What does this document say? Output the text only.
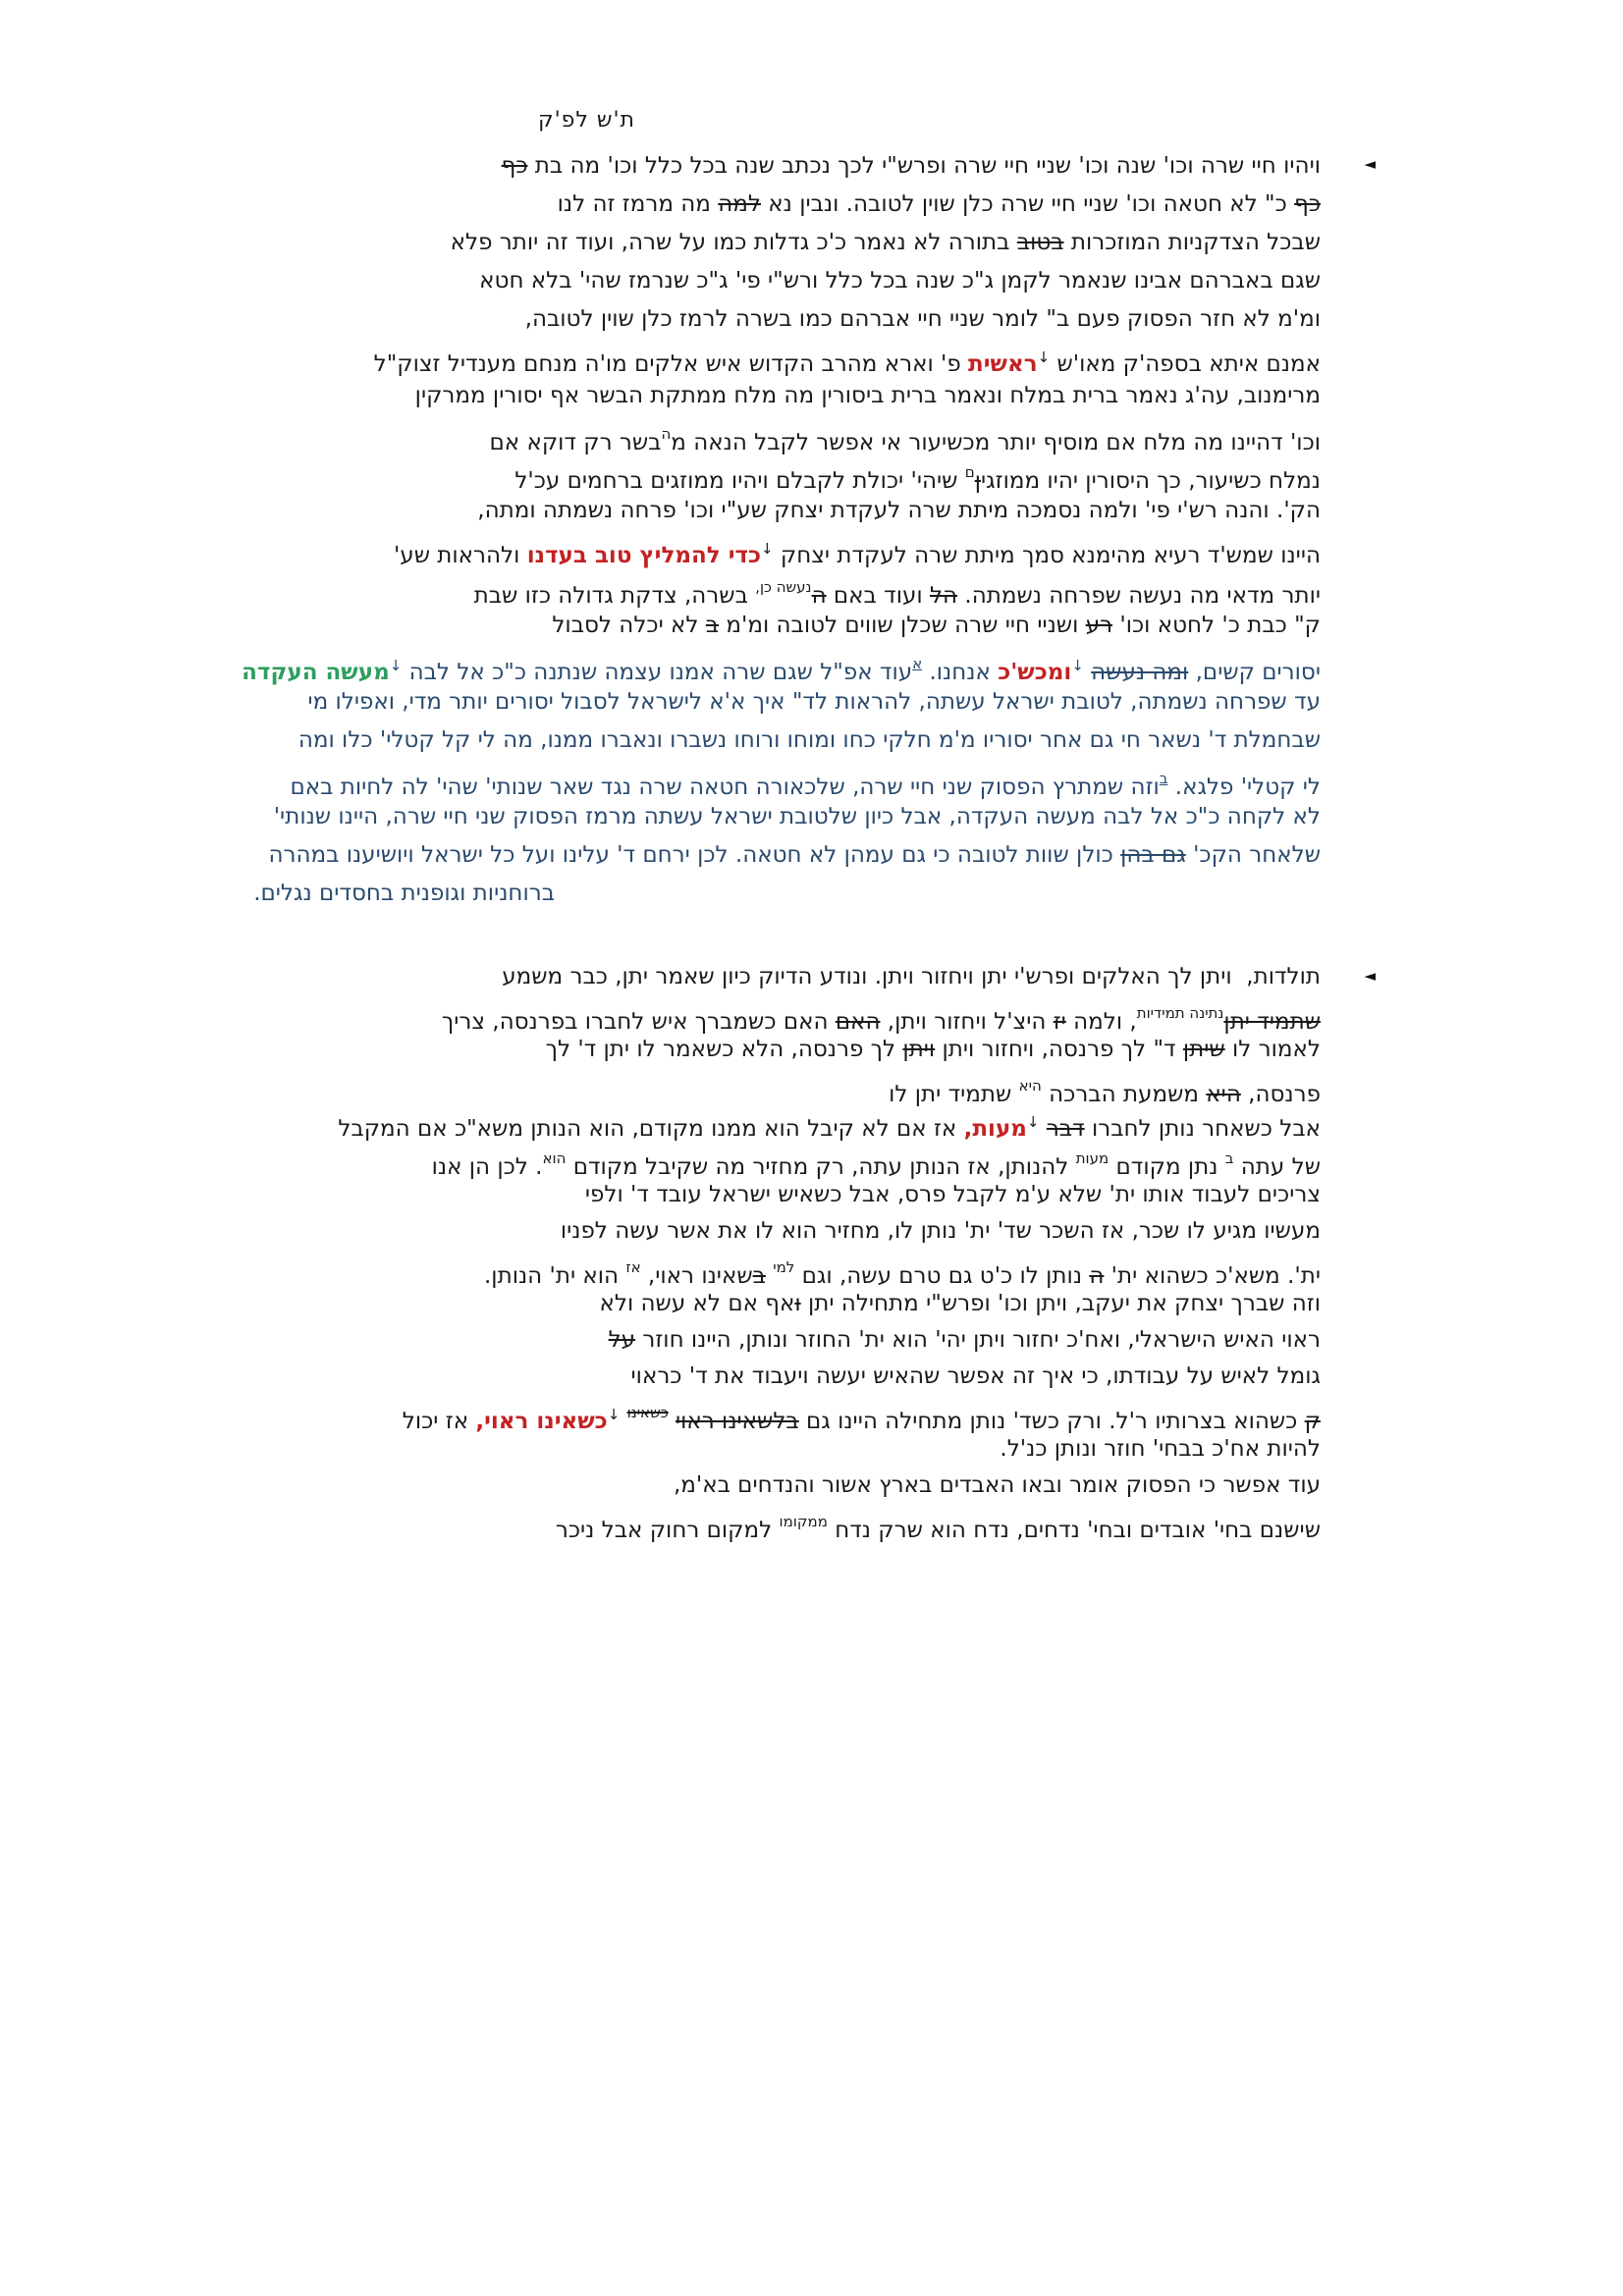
ת'ש לפ'ק
◄
ויהיו חיי שרה וכו' שנה וכו' שניי חיי שרה ופרש"י לכך נכתב שנה בכל כלל וכו' מה בת כף
כף כ" לא חטאה וכו' שניי חיי שרה כלן שוין לטובה. ונבין נא למה מה מרמז זה לנו
שבכל הצדקניות המוזכרות בטוב בתורה לא נאמר כ'כ גדלות כמו על שרה, ועוד זה יותר פלא
שגם באברהם אבינו שנאמר לקמן ג"כ שנה בכל כלל ורש"י פי' ג"כ שנרמז שהי' בלא חטא
ומ'מ לא חזר הפסוק פעם ב" לומר שניי חיי אברהם כמו בשרה לרמז כלן שוין לטובה,
אמנם איתא בספה'ק מאו'ש ↓ראשית פ' וארא מהרב הקדוש איש אלקים מו'ה מנחם מענדיל זצוק"ל
מרימנוב, עה'ג נאמר ברית במלח ונאמר ברית ביסורין מה מלח ממתקת הבשר אף יסורין ממרקין
וכו' דהיינו מה מלח אם מוסיף יותר מכשיעור אי אפשר לקבל הנאה מ$^ה$בשר רק דוקא אם
נמלח כשיעור, כך היסורין יהיו ממוזגין$^ם$ שיהי' יכולת לקבלם ויהיו ממוזגים ברחמים עכ'ל
הק'. והנה רש'י פי' ולמה נסמכה מיתת שרה לעקדת יצחק שע"י וכו' פרחה נשמתה ומתה,
היינו שמש'ד רעיא מהימנא סמך מיתת שרה לעקדת יצחק ↓כדי להמליץ טוב בעדנו ולהראות שע'
יותר מדאי מה נעשה שפרחה נשמתה. הל ועוד באם ה$^{נעשה כן,}$ בשרה, צדקת גדולה כזו שבת
ק" כבת כ' לחטא וכו' רע ושניי חיי שרה שכלן שווים לטובה ומ'מ ב לא יכלה לסבול
יסורים קשים, ומה נעשה ↓ומכש'כ אנחנו. $^א$עוד אפ"ל שגם שרה אמנו עצמה שנתנה כ"כ אל לבה ↓מעשה העקדה
עד שפרחה נשמתה, לטובת ישראל עשתה, להראות לד" איך א'א לישראל לסבול יסורים יותר מדי, ואפילו מי
שבחמלת ד' נשאר חי גם אחר יסוריו מ'מ חלקי כחו ומוחו ורוחו נשברו ונאברו ממנו, מה לי קל קטלי' כלו ומה
לי קטלי' פלגא. $^ב$וזה שמתרץ הפסוק שני חיי שרה, שלכאורה חטאה שרה נגד שאר שנותי' שהי' לה לחיות באם
לא לקחה כ"כ אל לבה מעשה העקדה, אבל כיון שלטובת ישראל עשתה מרמז הפסוק שני חיי שרה, היינו שנותי'
שלאחר הקכ' גם בהן כולן שוות לטובה כי גם עמהן לא חטאה. לכן ירחם ד' עלינו ועל כל ישראל ויושיענו במהרה
ברוחניות וגופנית בחסדים נגלים.
◄
תולדות,  ויתן לך האלקים ופרש'י יתן ויחזור ויתן. ונודע הדיוק כיון שאמר יתן, כבר משמע
שתמיד יתן$^{נתינה תמידיות}$, ולמה יז היצ'ל ויחזור ויתן, האם האם כשמברך איש לחברו בפרנסה, צריך
לאמור לו שיתן ד" לך פרנסה, ויחזור ויתן ויתן לך פרנסה, הלא כשאמר לו יתן ד' לך
פרנסה, היא משמעת הברכה $^{היא}$ שתמיד יתן לו
אבל כשאחר נותן לחברו דבר ↓מעות, אז אם לא קיבל הוא ממנו מקודם, הוא הנותן משא"כ אם המקבל
של עתה $^ב$ נתן מקודם $^{מעות}$ להנותן, אז הנותן עתה, רק מחזיר מה שקיבל מקודם $^{הוא}$. לכן הן אנו
צריכים לעבוד אותו ית' שלא ע'מ לקבל פרס, אבל כשאיש ישראל עובד ד' ולפי
מעשיו מגיע לו שכר, אז השכר שד' ית' נותן לו, מחזיר הוא לו את אשר עשה לפניו
ית'. משא'כ כשהוא ית' ה נותן לו כ'ט גם טרם עשה, וגם $^{למי}$ בשאינו ראוי, $^{אז}$ הוא ית' הנותן.
וזה שברך יצחק את יעקב, ויתן וכו' ופרש"י מתחילה יתן ואף אם לא עשה ולא
ראוי האיש הישראלי, ואח'כ יחזור ויתן יהי' הוא ית' החוזר ונותן, היינו חוזר על
גומל לאיש על עבודתו, כי איך זה אפשר שהאיש יעשה ויעבוד את ד' כראוי
ק כשהוא בצרותיו ר'ל. ורק כשד' נותן מתחילה היינו גם בלשאינו ראוי $^{כשאינו}$ ↓כשאינו ראוי, אז יכול
להיות אח'כ בבחי' חוזר ונותן כנ'ל.
עוד אפשר כי הפסוק אומר ובאו האבדים בארץ אשור והנדחים בא'מ,
שישנם בחי' אובדים ובחי' נדחים, נדח הוא שרק נדח $^{ממקומו}$ למקום רחוק אבל ניכר
